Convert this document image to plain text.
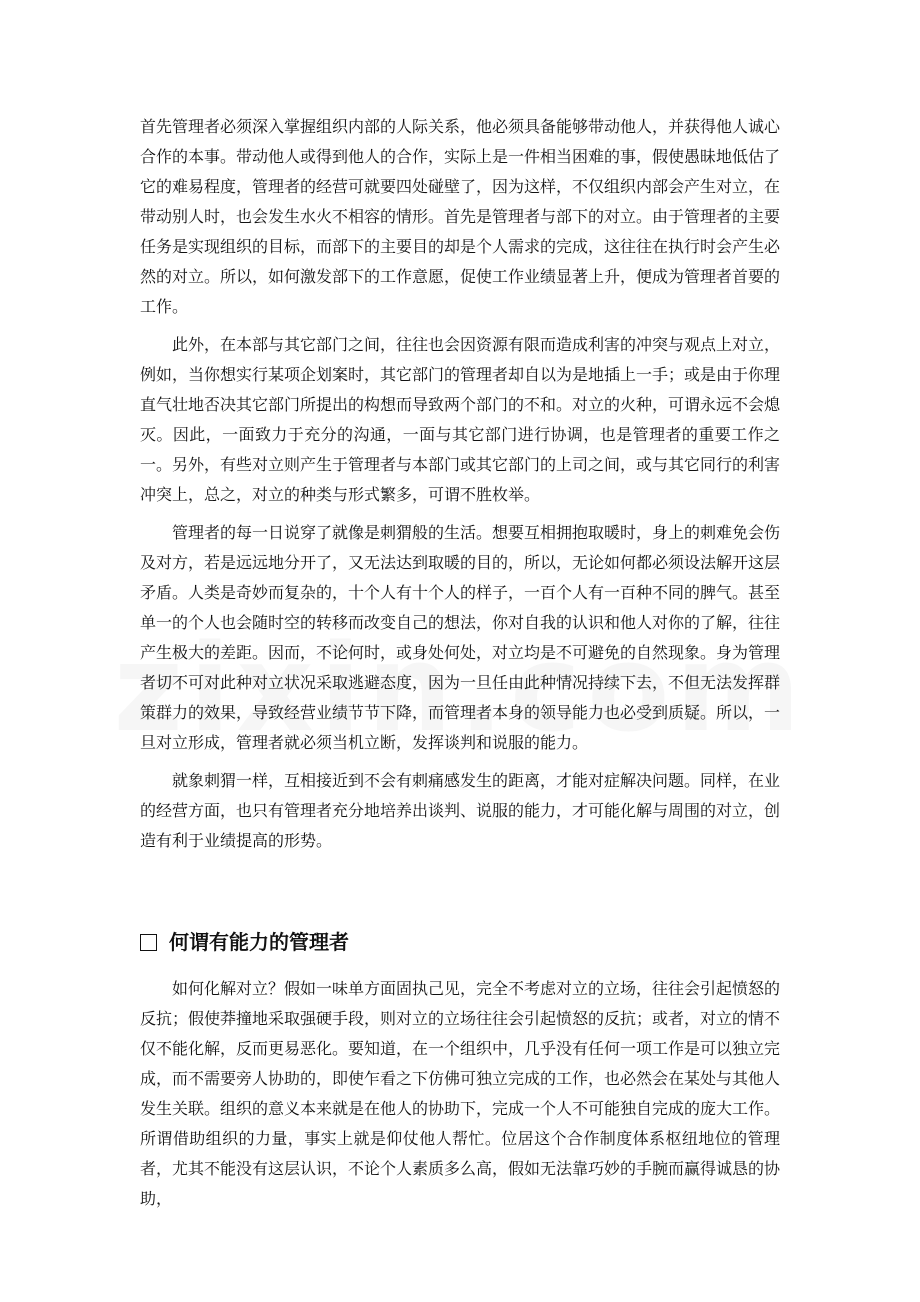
首先管理者必须深入掌握组织内部的人际关系，他必须具备能够带动他人，并获得他人诚心合作的本事。带动他人或得到他人的合作，实际上是一件相当困难的事，假使愚昧地低估了它的难易程度，管理者的经营可就要四处碰壁了，因为这样，不仅组织内部会产生对立，在带动别人时，也会发生水火不相容的情形。首先是管理者与部下的对立。由于管理者的主要任务是实现组织的目标，而部下的主要目的却是个人需求的完成，这往往在执行时会产生必然的对立。所以，如何激发部下的工作意愿，促使工作业绩显著上升，便成为管理者首要的工作。

此外，在本部与其它部门之间，往往也会因资源有限而造成利害的冲突与观点上对立，例如，当你想实行某项企划案时，其它部门的管理者却自以为是地插上一手；或是由于你理直气壮地否决其它部门所提出的构想而导致两个部门的不和。对立的火种，可谓永远不会熄灭。因此，一面致力于充分的沟通，一面与其它部门进行协调，也是管理者的重要工作之一。另外，有些对立则产生于管理者与本部门或其它部门的上司之间，或与其它同行的利害冲突上，总之，对立的种类与形式繁多，可谓不胜枚举。

管理者的每一日说穿了就像是刺猬般的生活。想要互相拥抱取暖时，身上的刺难免会伤及对方，若是远远地分开了，又无法达到取暖的目的，所以，无论如何都必须设法解开这层矛盾。人类是奇妙而复杂的，十个人有十个人的样子，一百个人有一百种不同的脾气。甚至单一的个人也会随时空的转移而改变自己的想法，你对自我的认识和他人对你的了解，往往产生极大的差距。因而，不论何时，或身处何处，对立均是不可避免的自然现象。身为管理者切不可对此种对立状况采取逃避态度，因为一旦任由此种情况持续下去，不但无法发挥群策群力的效果，导致经营业绩节节下降，而管理者本身的领导能力也必受到质疑。所以，一旦对立形成，管理者就必须当机立断，发挥谈判和说服的能力。

就象刺猬一样，互相接近到不会有刺痛感发生的距离，才能对症解决问题。同样，在业的经营方面，也只有管理者充分地培养出谈判、说服的能力，才可能化解与周围的对立，创造有利于业绩提高的形势。

何谓有能力的管理者

如何化解对立？假如一味单方面固执己见，完全不考虑对立的立场，往往会引起愤怒的反抗；假使莽撞地采取强硬手段，则对立的立场往往会引起愤怒的反抗；或者，对立的情不仅不能化解，反而更易恶化。要知道，在一个组织中，几乎没有任何一项工作是可以独立完成，而不需要旁人协助的，即使乍看之下仿佛可独立完成的工作，也必然会在某处与其他人发生关联。组织的意义本来就是在他人的协助下，完成一个人不可能独自完成的庞大工作。所谓借助组织的力量，事实上就是仰仗他人帮忙。位居这个合作制度体系枢纽地位的管理者，尤其不能没有这层认识，不论个人素质多么高，假如无法靠巧妙的手腕而赢得诚恳的协助，
